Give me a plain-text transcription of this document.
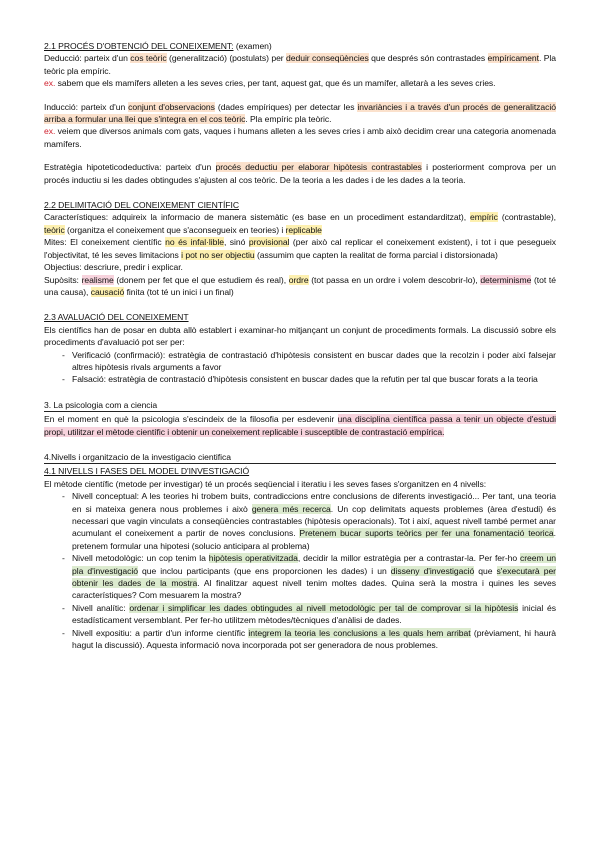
2.1 PROCÉS D'OBTENCIÓ DEL CONEIXEMENT: (examen)

Deducció: parteix d'un cos teòric (generalització) (postulats) per deduir conseqüències que després són contrastades empíricament. Pla teòric pla empíric.

ex. sabem que els mamífers alleten a les seves cries, per tant, aquest gat, que és un mamífer, alletarà a les seves cries.

Inducció: parteix d'un conjunt d'observacions (dades empíriques) per detectar les invariàncies i a través d'un procés de generalització arriba a formular una llei que s'integra en el cos teòric. Pla empíric pla teòric.

ex. veiem que diversos animals com gats, vaques i humans alleten a les seves cries i amb això decidim crear una categoria anomenada mamífers.

Estratègia hipoteticodeductiva: parteix d'un procés deductiu per elaborar hipòtesis contrastables i posteriorment comprova per un procés inductiu si les dades obtingudes s'ajusten al cos teòric. De la teoria a les dades i de les dades a la teoria.

2.2 DELIMITACIÓ DEL CONEIXEMENT CIENTÍFIC

Característiques: adquireix la informacio de manera sistemàtic (es base en un procediment estandarditzat), empíric (contrastable), teòric (organitza el coneixement que s'aconsegueix en teories) i replicable

Mites: El coneixement científic no és infal·lible, sinó provisional (per això cal replicar el coneixement existent), i tot i que pesegueix l'objectivitat, té les seves limitacions i pot no ser objectiu (assumim que capten la realitat de forma parcial i distorsionada)

Objectius: descriure, predir i explicar.

Supòsits: realisme (donem per fet que el que estudiem és real), ordre (tot passa en un ordre i volem descobrir-lo), determinisme (tot té una causa), causació finita (tot té un inici i un final)

2.3 AVALUACIÓ DEL CONEIXEMENT

Els científics han de posar en dubta allò establert i examinar-ho mitjançant un conjunt de procediments formals. La discussió sobre els procediments d'avaluació pot ser per:

- Verificació (confirmació): estratègia de contrastació d'hipòtesis consistent en buscar dades que la recolzin i poder així falsejar altres hipòtesis rivals arguments a favor
- Falsació: estratègia de contrastació d'hipòtesis consistent en buscar dades que la refutin per tal que buscar forats a la teoria

3. La psicologia com a ciencia

En el moment en què la psicologia s'escindeix de la filosofia per esdevenir una disciplina científica passa a tenir un objecte d'estudi propi, utilitzar el mètode científic i obtenir un coneixement replicable i susceptible de contrastació empírica.

4.Nivells i organitzacio de la investigacio cientifica

4.1 NIVELLS I FASES DEL MODEL D'INVESTIGACIÓ

El mètode científic (metode per investigar) té un procés seqüencial i iteratiu i les seves fases s'organitzen en 4 nivells:

- Nivell conceptual: A les teories hi trobem buits, contradiccions entre conclusions de diferents investigació... Per tant, una teoria en si mateixa genera nous problemes i això genera més recerca. Un cop delimitats aquests problemes (àrea d'estudi) és necessari que vagin vinculats a conseqüències contrastables (hipòtesis operacionals). Tot i així, aquest nivell també permet anar acumulant el coneixement a partir de noves conclusions. Pretenem bucar suports teòrics per fer una fonamentació teorica. pretenem formular una hipotesi (solucio anticipara al problema)
- Nivell metodològic: un cop tenim la hipòtesis operativitzada, decidir la millor estratègia per a contrastar-la. Per fer-ho creem un pla d'investigació que inclou participants (que ens proporcionen les dades) i un disseny d'investigació que s'executarà per obtenir les dades de la mostra. Al finalitzar aquest nivell tenim moltes dades. Quina serà la mostra i quines les seves característiques? Com mesuarem la mostra?
- Nivell analític: ordenar i simplificar les dades obtingudes al nivell metodològic per tal de comprovar si la hipòtesis inicial és estadísticament versemblant. Per fer-ho utilitzem mètodes/tècniques d'anàlisi de dades.
- Nivell expositiu: a partir d'un informe científic integrem la teoria les conclusions a les quals hem arribat (prèviament, hi haurà hagut la discussió). Aquesta informació nova incorporada pot ser generadora de nous problemes.
